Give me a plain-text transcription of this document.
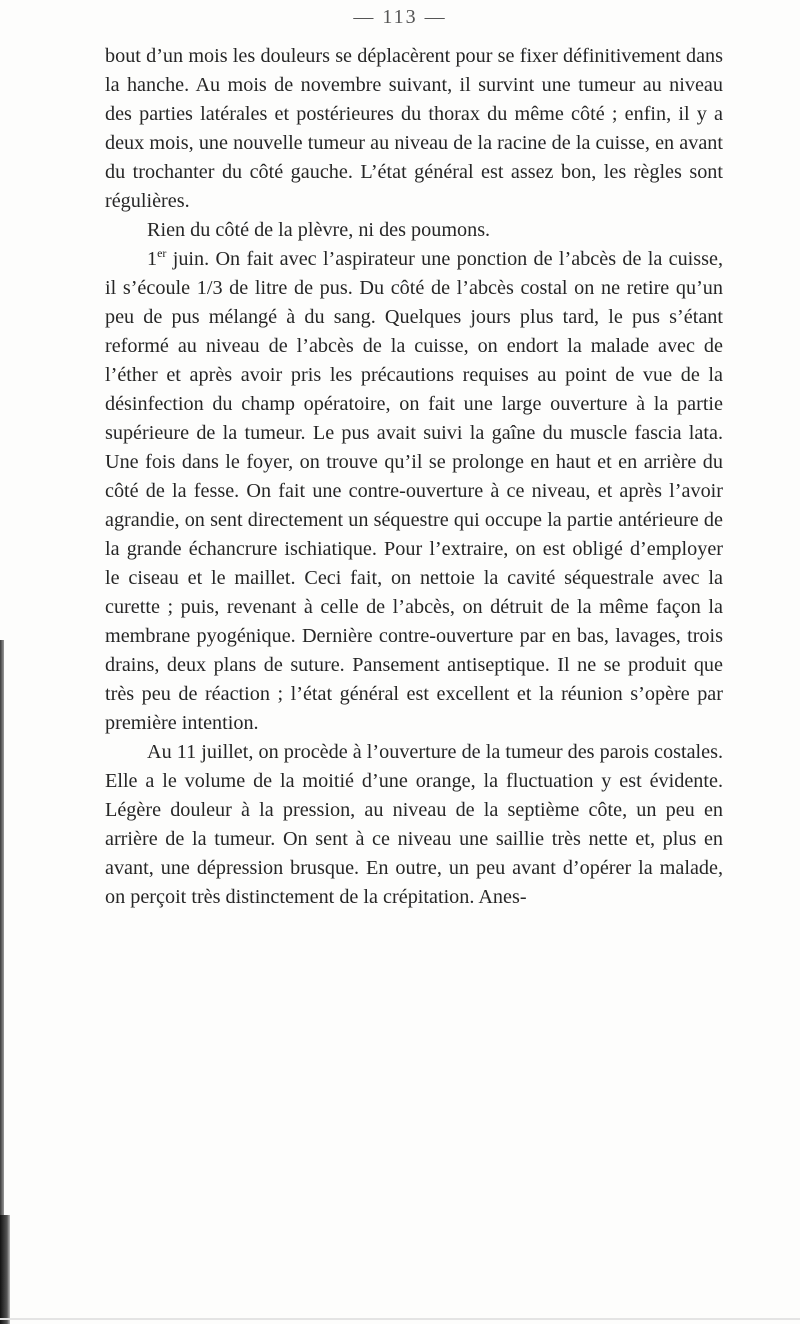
— 113 —

bout d’un mois les douleurs se déplacèrent pour se fixer définitivement dans la hanche. Au mois de novembre suivant, il survint une tumeur au niveau des parties latérales et postérieures du thorax du même côté ; enfin, il y a deux mois, une nouvelle tumeur au niveau de la racine de la cuisse, en avant du trochanter du côté gauche. L’état général est assez bon, les règles sont régulières.

Rien du côté de la plèvre, ni des poumons.

1er juin. On fait avec l’aspirateur une ponction de l’abcès de la cuisse, il s’écoule 1/3 de litre de pus. Du côté de l’abcès costal on ne retire qu’un peu de pus mélangé à du sang. Quelques jours plus tard, le pus s’étant reformé au niveau de l’abcès de la cuisse, on endort la malade avec de l’éther et après avoir pris les précautions requises au point de vue de la désinfection du champ opératoire, on fait une large ouverture à la partie supérieure de la tumeur. Le pus avait suivi la gaîne du muscle fascia lata. Une fois dans le foyer, on trouve qu’il se prolonge en haut et en arrière du côté de la fesse. On fait une contre-ouverture à ce niveau, et après l’avoir agrandie, on sent directement un séquestre qui occupe la partie antérieure de la grande échancrure ischiatique. Pour l’extraire, on est obligé d’employer le ciseau et le maillet. Ceci fait, on nettoie la cavité séquestrale avec la curette ; puis, revenant à celle de l’abcès, on détruit de la même façon la membrane pyogénique. Dernière contre-ouverture par en bas, lavages, trois drains, deux plans de suture. Pansement antiseptique. Il ne se produit que très peu de réaction ; l’état général est excellent et la réunion s’opère par première intention.

Au 11 juillet, on procède à l’ouverture de la tumeur des parois costales. Elle a le volume de la moitié d’une orange, la fluctuation y est évidente. Légère douleur à la pression, au niveau de la septième côte, un peu en arrière de la tumeur. On sent à ce niveau une saillie très nette et, plus en avant, une dépression brusque. En outre, un peu avant d’opérer la malade, on perçoit très distinctement de la crépitation. Anes-
